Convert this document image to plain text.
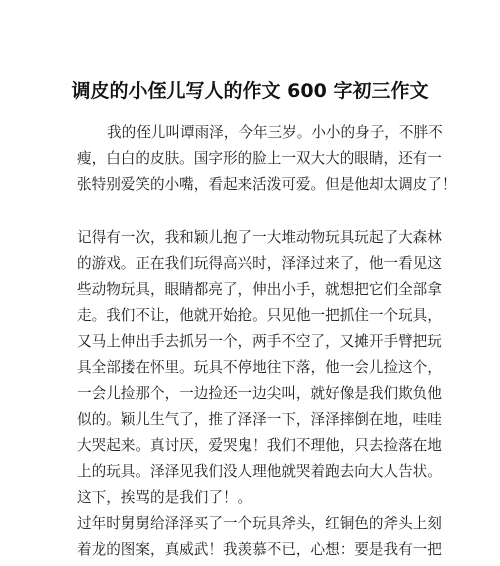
调皮的小侄儿写人的作文 600 字初三作文
我的侄儿叫谭雨泽，今年三岁。小小的身子，不胖不
瘦，白白的皮肤。国字形的脸上一双大大的眼睛，还有一
张特别爱笑的小嘴，看起来活泼可爱。但是他却太调皮了！
记得有一次，我和颖儿抱了一大堆动物玩具玩起了大森林
的游戏。正在我们玩得高兴时，泽泽过来了，他一看见这
些动物玩具，眼睛都亮了，伸出小手，就想把它们全部拿
走。我们不让，他就开始抢。只见他一把抓住一个玩具，
又马上伸出手去抓另一个，两手不空了，又摊开手臂把玩
具全部搂在怀里。玩具不停地往下落，他一会儿捡这个，
一会儿捡那个，一边捡还一边尖叫，就好像是我们欺负他
似的。颖儿生气了，推了泽泽一下，泽泽摔倒在地，哇哇
大哭起来。真讨厌，爱哭鬼！我们不理他，只去捡落在地
上的玩具。泽泽见我们没人理他就哭着跑去向大人告状。
这下，挨骂的是我们了！。
过年时舅舅给泽泽买了一个玩具斧头，红铜色的斧头上刻
着龙的图案，真威武！我羡慕不已，心想：要是我有一把
